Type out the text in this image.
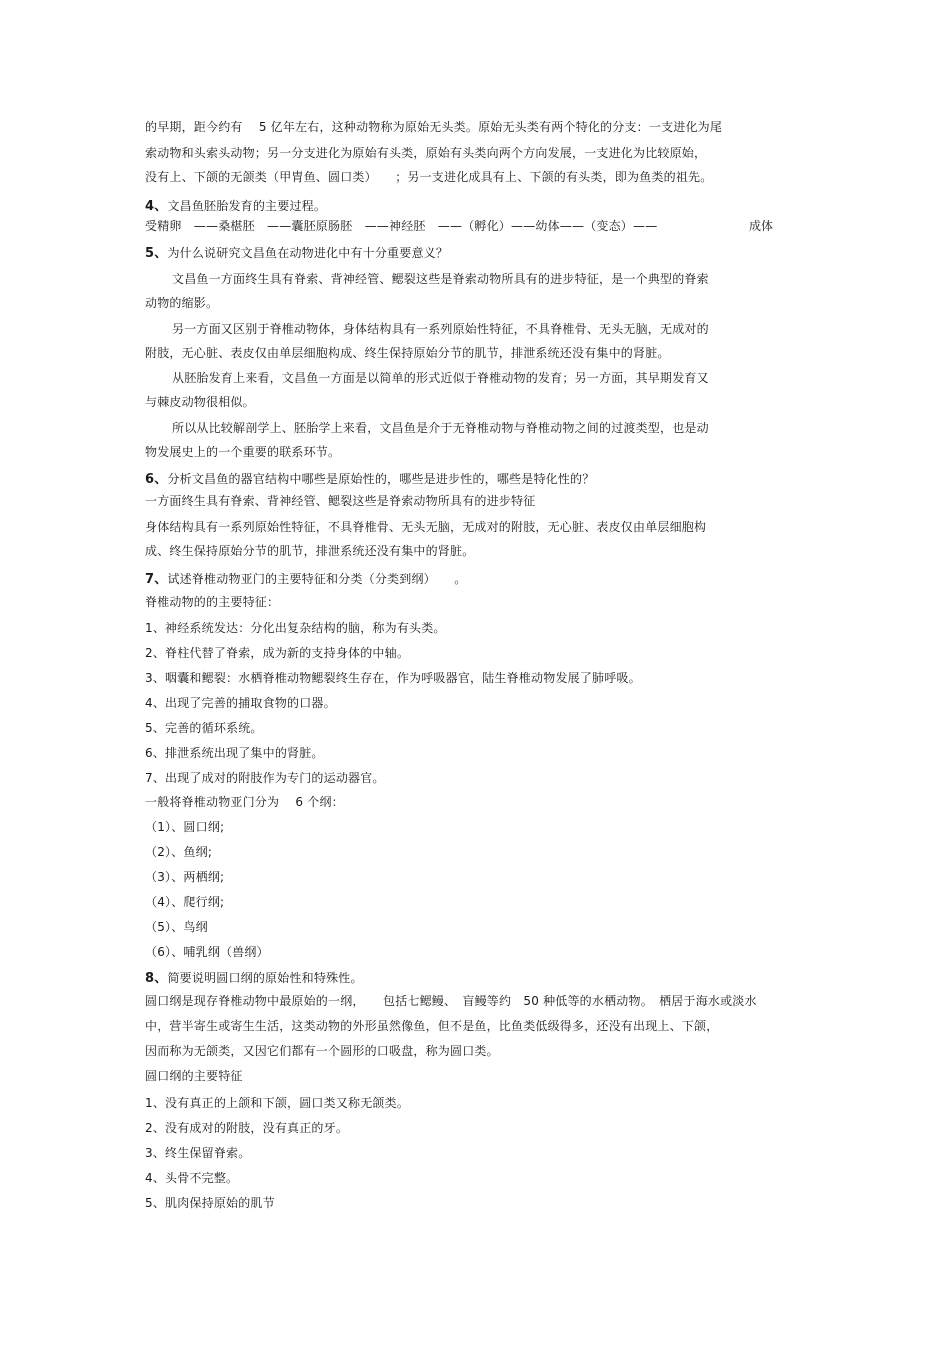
的早期，距今约有　 5 亿年左右，这种动物称为原始无头类。原始无头类有两个特化的分支：一支进化为尾
索动物和头索头动物；另一分支进化为原始有头类，原始有头类向两个方向发展，一支进化为比较原始，
没有上、下颌的无颌类（甲胄鱼、圆口类）　　；另一支进化成具有上、下颌的有头类，即为鱼类的祖先。
4、文昌鱼胚胎发育的主要过程。
受精卵　——桑椹胚　——囊胚原肠胚　——神经胚　——（孵化）——幼体——（变态）——	成体
5、为什么说研究文昌鱼在动物进化中有十分重要意义？
文昌鱼一方面终生具有脊索、背神经管、鳃裂这些是脊索动物所具有的进步特征，是一个典型的脊索
动物的缩影。
另一方面又区别于脊椎动物体，身体结构具有一系列原始性特征，不具脊椎骨、无头无脑，无成对的
附肢，无心脏、表皮仅由单层细胞构成、终生保持原始分节的肌节，排泄系统还没有集中的肾脏。
从胚胎发育上来看，文昌鱼一方面是以简单的形式近似于脊椎动物的发育；另一方面，其早期发育又
与棘皮动物很相似。
所以从比较解剖学上、胚胎学上来看，文昌鱼是介于无脊椎动物与脊椎动物之间的过渡类型，也是动
物发展史上的一个重要的联系环节。
6、分析文昌鱼的器官结构中哪些是原始性的，哪些是进步性的，哪些是特化性的？
一方面终生具有脊索、背神经管、鳃裂这些是脊索动物所具有的进步特征
身体结构具有一系列原始性特征，不具脊椎骨、无头无脑，无成对的附肢，无心脏、表皮仅由单层细胞构
成、终生保持原始分节的肌节，排泄系统还没有集中的肾脏。
7、试述脊椎动物亚门的主要特征和分类（分类到纲）　　。
脊椎动物的的主要特征：
1、神经系统发达：分化出复杂结构的脑，称为有头类。
2、脊柱代替了脊索，成为新的支持身体的中轴。
3、咽囊和鳃裂：水栖脊椎动物鳃裂终生存在，作为呼吸器官，陆生脊椎动物发展了肺呼吸。
4、出现了完善的捕取食物的口器。
5、完善的循环系统。
6、排泄系统出现了集中的肾脏。
7、出现了成对的附肢作为专门的运动器官。
一般将脊椎动物亚门分为　 6 个纲：
（1）、圆口纲;
（2）、鱼纲;
（3）、两栖纲;
（4）、爬行纲;
（5）、鸟纲
（6）、哺乳纲（兽纲）
8、简要说明圆口纲的原始性和特殊性。
圆口纲是现存脊椎动物中最原始的一纲，　　包括七鳃鳗、　盲鳗等约　50 种低等的水栖动物。　栖居于海水或淡水
中，营半寄生或寄生生活，这类动物的外形虽然像鱼，但不是鱼，比鱼类低级得多，还没有出现上、下颌，
因而称为无颌类，又因它们都有一个圆形的口吸盘，称为圆口类。
圆口纲的主要特征
1、没有真正的上颌和下颌，圆口类又称无颌类。
2、没有成对的附肢，没有真正的牙。
3、终生保留脊索。
4、头骨不完整。
5、肌肉保持原始的肌节
